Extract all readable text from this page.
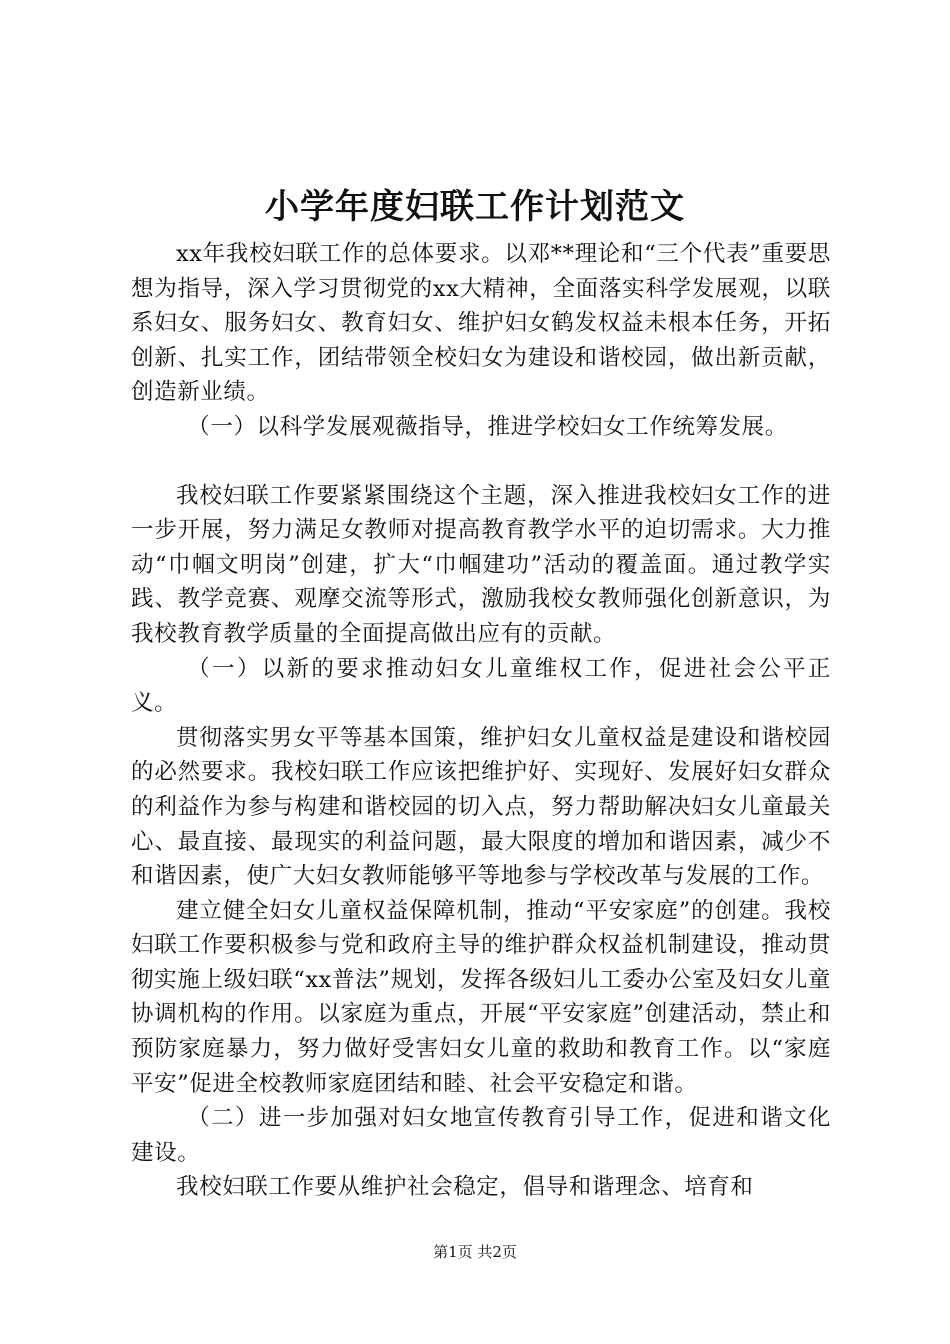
小学年度妇联工作计划范文

xx年我校妇联工作的总体要求。以邓**理论和“三个代表”重要思想为指导，深入学习贯彻党的xx大精神，全面落实科学发展观，以联系妇女、服务妇女、教育妇女、维护妇女鹤发权益未根本任务，开拓创新、扎实工作，团结带领全校妇女为建设和谐校园，做出新贡献，创造新业绩。

（一）以科学发展观薇指导，推进学校妇女工作统筹发展。

我校妇联工作要紧紧围绕这个主题，深入推进我校妇女工作的进一步开展，努力满足女教师对提高教育教学水平的迫切需求。大力推动“巾帼文明岗”创建，扩大“巾帼建功”活动的覆盖面。通过教学实践、教学竞赛、观摩交流等形式，激励我校女教师强化创新意识，为我校教育教学质量的全面提高做出应有的贡献。

（一）以新的要求推动妇女儿童维权工作，促进社会公平正义。

贯彻落实男女平等基本国策，维护妇女儿童权益是建设和谐校园的必然要求。我校妇联工作应该把维护好、实现好、发展好妇女群众的利益作为参与构建和谐校园的切入点，努力帮助解决妇女儿童最关心、最直接、最现实的利益问题，最大限度的增加和谐因素，减少不和谐因素，使广大妇女教师能够平等地参与学校改革与发展的工作。

建立健全妇女儿童权益保障机制，推动“平安家庭”的创建。我校妇联工作要积极参与党和政府主导的维护群众权益机制建设，推动贯彻实施上级妇联“xx普法”规划，发挥各级妇儿工委办公室及妇女儿童协调机构的作用。以家庭为重点，开展“平安家庭”创建活动，禁止和预防家庭暴力，努力做好受害妇女儿童的救助和教育工作。以“家庭平安”促进全校教师家庭团结和睦、社会平安稳定和谐。

（二）进一步加强对妇女地宣传教育引导工作，促进和谐文化建设。

我校妇联工作要从维护社会稳定，倡导和谐理念、培育和

第1页 共2页
